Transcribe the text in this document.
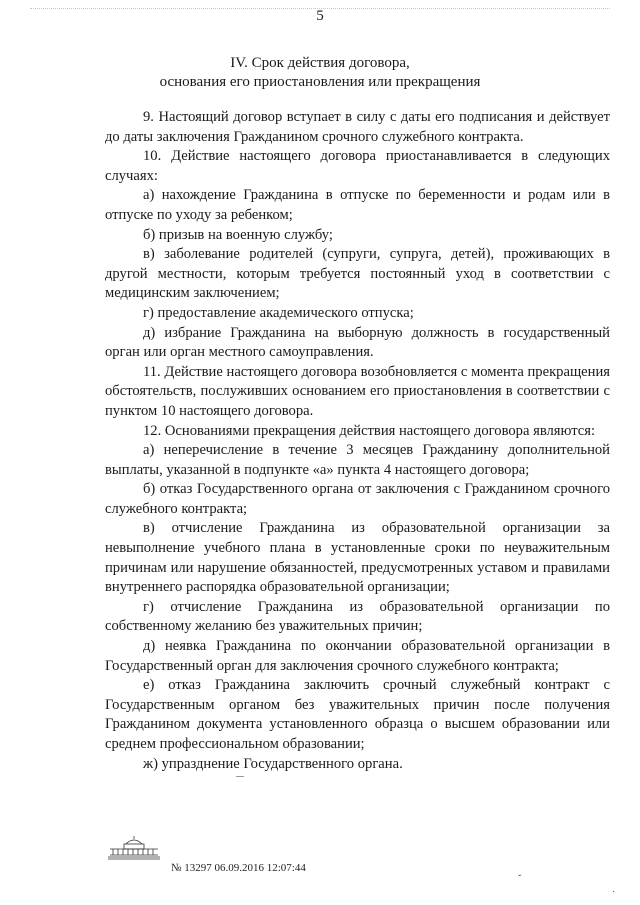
5
IV. Срок действия договора,
основания его приостановления или прекращения

9. Настоящий договор вступает в силу с даты его подписания и действует до даты заключения Гражданином срочного служебного контракта.

10. Действие настоящего договора приостанавливается в следующих случаях:

а) нахождение Гражданина в отпуске по беременности и родам или в отпуске по уходу за ребенком;

б) призыв на военную службу;

в) заболевание родителей (супруги, супруга, детей), проживающих в другой местности, которым требуется постоянный уход в соответствии с медицинским заключением;

г) предоставление академического отпуска;

д) избрание Гражданина на выборную должность в государственный орган или орган местного самоуправления.

11. Действие настоящего договора возобновляется с момента прекращения обстоятельств, послуживших основанием его приостановления в соответствии с пунктом 10 настоящего договора.

12. Основаниями прекращения действия настоящего договора являются:

а) неперечисление в течение 3 месяцев Гражданину дополнительной выплаты, указанной в подпункте «а» пункта 4 настоящего договора;

б) отказ Государственного органа от заключения с Гражданином срочного служебного контракта;

в) отчисление Гражданина из образовательной организации за невыполнение учебного плана в установленные сроки по неуважительным причинам или нарушение обязанностей, предусмотренных уставом и правилами внутреннего распорядка образовательной организации;

г) отчисление Гражданина из образовательной организации по собственному желанию без уважительных причин;

д) неявка Гражданина по окончании образовательной организации в Государственный орган для заключения срочного служебного контракта;

е) отказ Гражданина заключить срочный служебный контракт с Государственным органом без уважительных причин после получения Гражданином документа установленного образца о высшем образовании или среднем профессиональном образовании;

ж) упразднение Государственного органа.

№ 13297 06.09.2016 12:07:44
ˇ
˙
